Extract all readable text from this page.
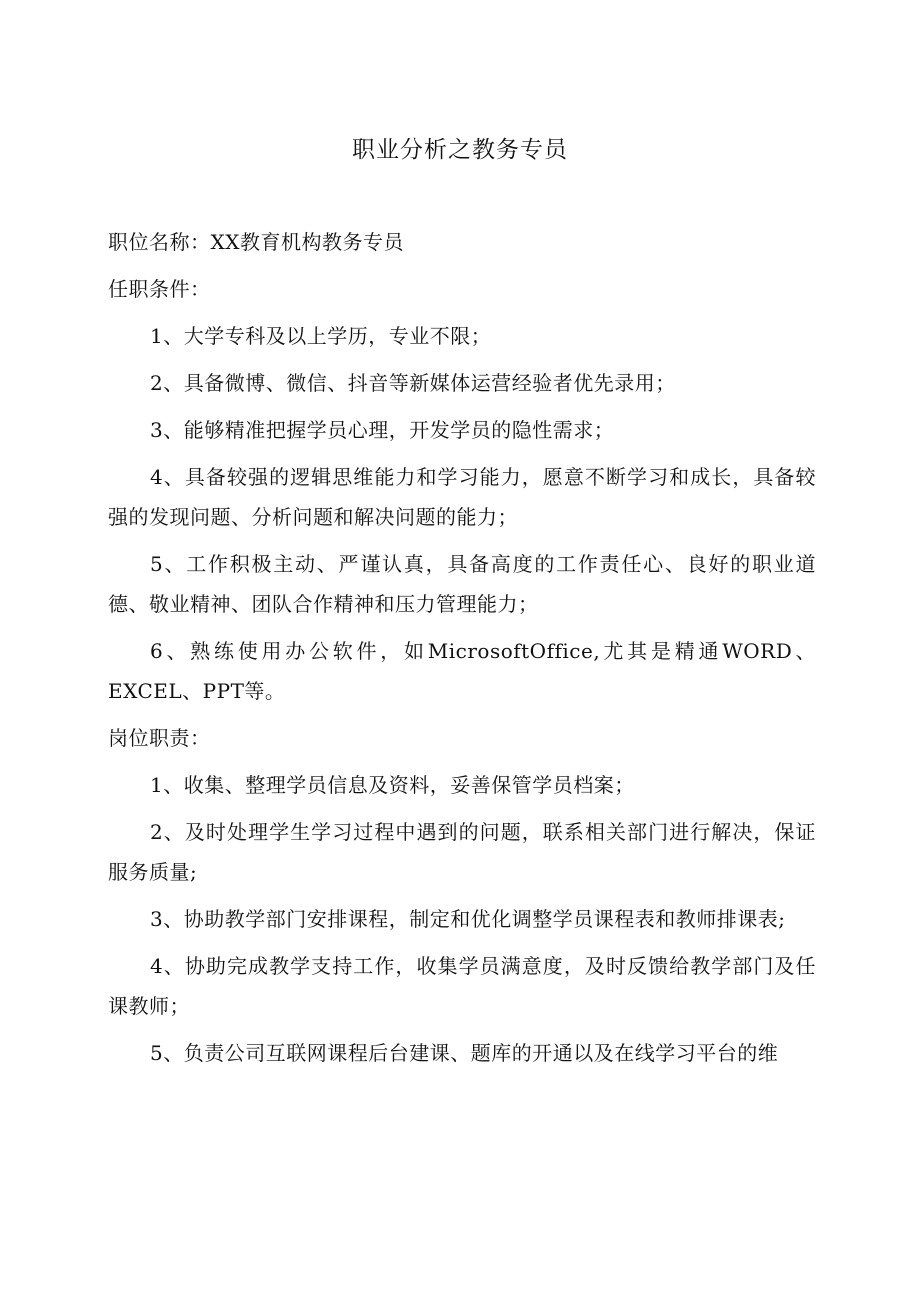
职业分析之教务专员

职位名称：XX教育机构教务专员

任职条件：

1、大学专科及以上学历，专业不限；

2、具备微博、微信、抖音等新媒体运营经验者优先录用；

3、能够精准把握学员心理，开发学员的隐性需求；

4、具备较强的逻辑思维能力和学习能力，愿意不断学习和成长，具备较强的发现问题、分析问题和解决问题的能力；

5、工作积极主动、严谨认真，具备高度的工作责任心、良好的职业道德、敬业精神、团队合作精神和压力管理能力；

6、熟练使用办公软件，如MicrosoftOffice,尤其是精通WORD、EXCEL、PPT等。

岗位职责：

1、收集、整理学员信息及资料，妥善保管学员档案；

2、及时处理学生学习过程中遇到的问题，联系相关部门进行解决，保证服务质量;

3、协助教学部门安排课程，制定和优化调整学员课程表和教师排课表;

4、协助完成教学支持工作，收集学员满意度，及时反馈给教学部门及任课教师；

5、负责公司互联网课程后台建课、题库的开通以及在线学习平台的维
